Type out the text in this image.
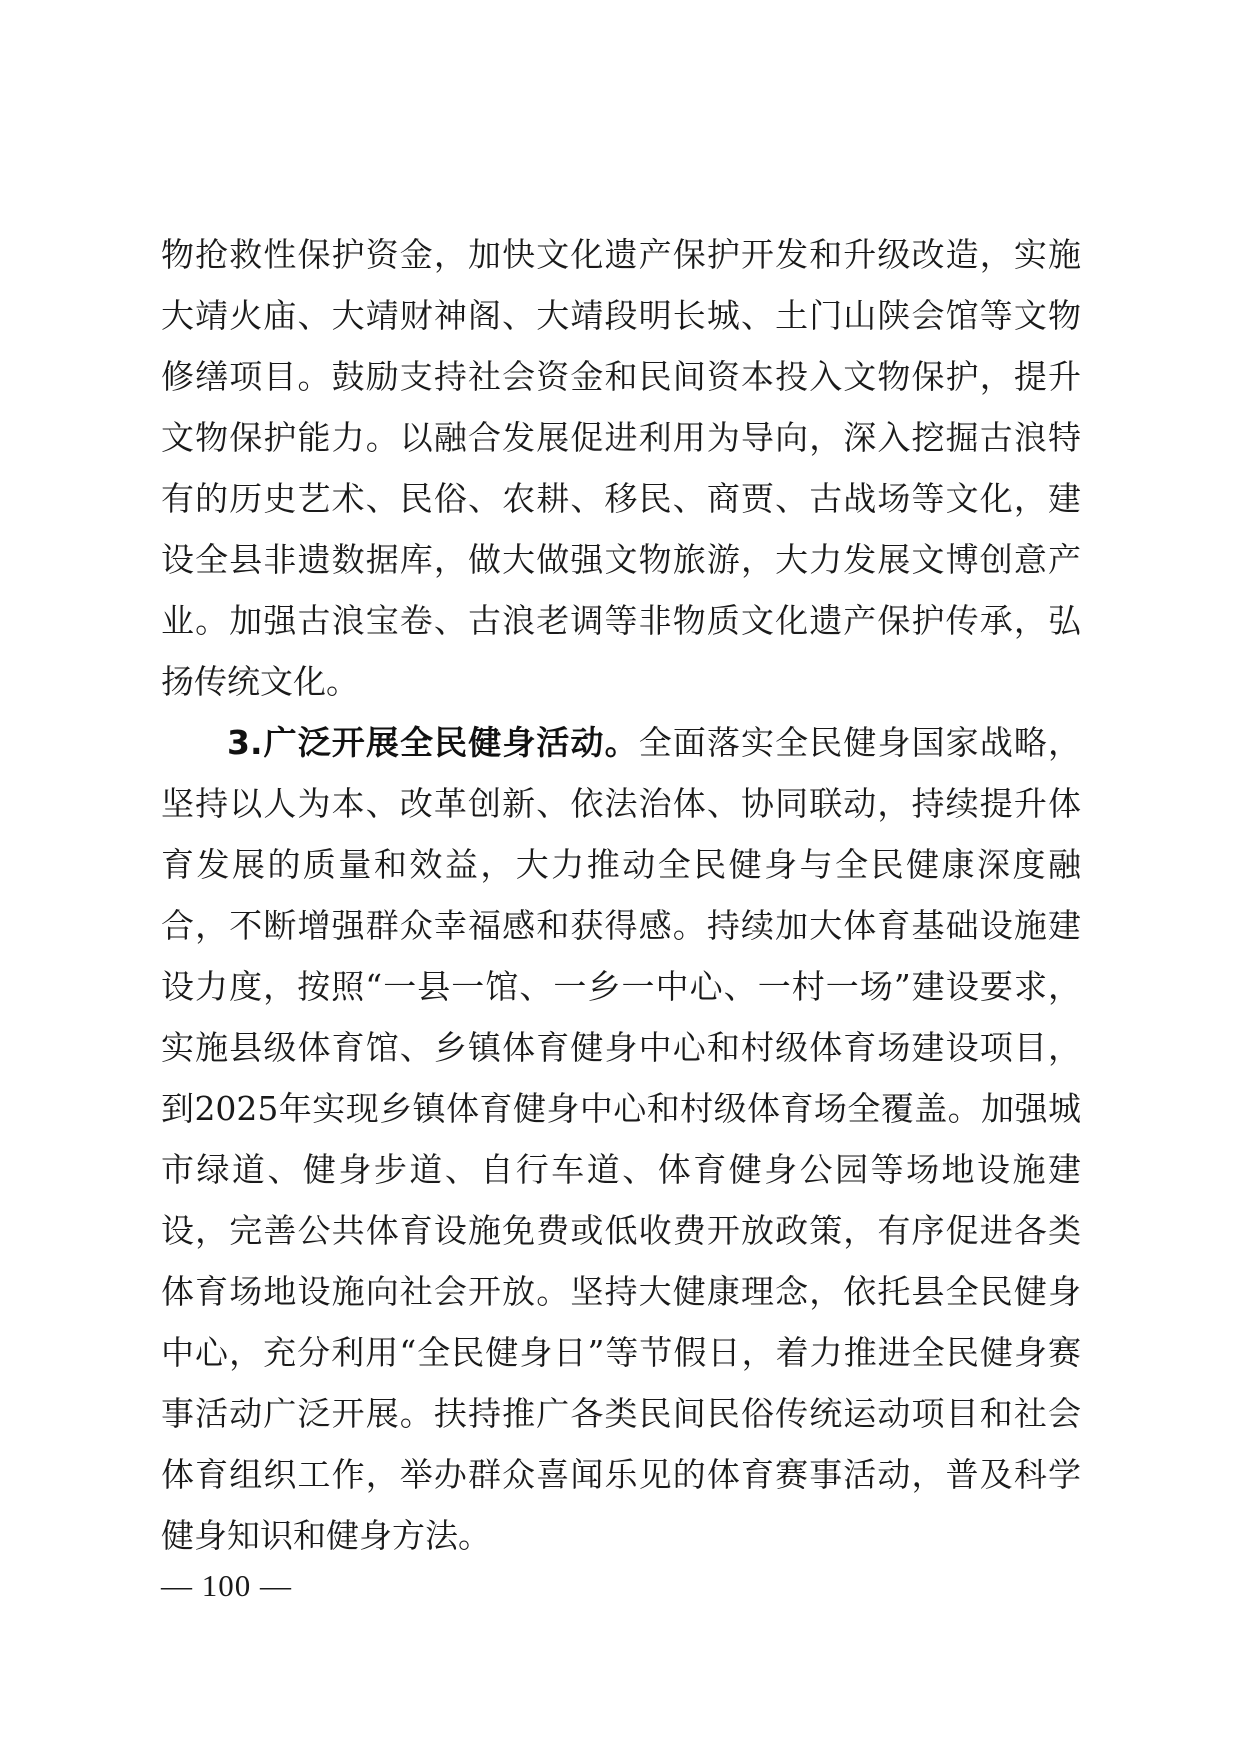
物抢救性保护资金，加快文化遗产保护开发和升级改造，实施大靖火庙、大靖财神阁、大靖段明长城、土门山陕会馆等文物修缮项目。鼓励支持社会资金和民间资本投入文物保护，提升文物保护能力。以融合发展促进利用为导向，深入挖掘古浪特有的历史艺术、民俗、农耕、移民、商贾、古战场等文化，建设全县非遗数据库，做大做强文物旅游，大力发展文博创意产业。加强古浪宝卷、古浪老调等非物质文化遗产保护传承，弘扬传统文化。

3.广泛开展全民健身活动。全面落实全民健身国家战略，坚持以人为本、改革创新、依法治体、协同联动，持续提升体育发展的质量和效益，大力推动全民健身与全民健康深度融合，不断增强群众幸福感和获得感。持续加大体育基础设施建设力度，按照“一县一馆、一乡一中心、一村一场”建设要求，实施县级体育馆、乡镇体育健身中心和村级体育场建设项目，到2025年实现乡镇体育健身中心和村级体育场全覆盖。加强城市绿道、健身步道、自行车道、体育健身公园等场地设施建设，完善公共体育设施免费或低收费开放政策，有序促进各类体育场地设施向社会开放。坚持大健康理念，依托县全民健身中心，充分利用“全民健身日”等节假日，着力推进全民健身赛事活动广泛开展。扶持推广各类民间民俗传统运动项目和社会体育组织工作，举办群众喜闻乐见的体育赛事活动，普及科学健身知识和健身方法。

— 100 —
